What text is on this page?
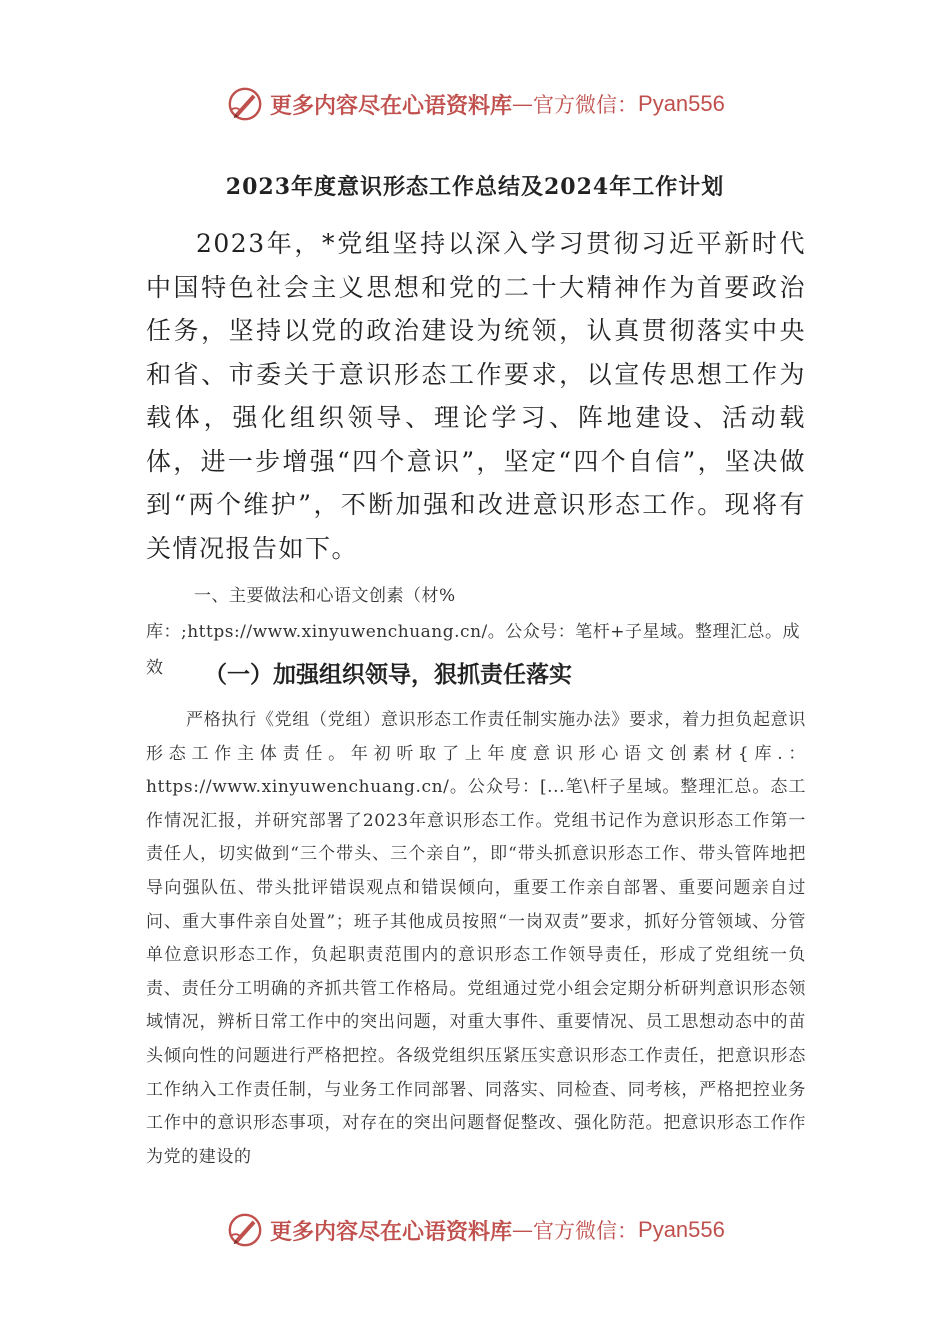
更多内容尽在心语资料库 — 官方微信： Pyan556
2023年度意识形态工作总结及2024年工作计划

2023年，*党组坚持以深入学习贯彻习近平新时代中国特色社会主义思想和党的二十大精神作为首要政治任务，坚持以党的政治建设为统领，认真贯彻落实中央和省、市委关于意识形态工作要求，以宣传思想工作为载体，强化组织领导、理论学习、阵地建设、活动载体，进一步增强“四个意识”，坚定“四个自信”，坚决做到“两个维护”，不断加强和改进意识形态工作。现将有关情况报告如下。

一、主要做法和心语文创素（材%库：;https://www.xinyuwenchuang.cn/。公众号：笔杆+子星域。整理汇总。成效	（一）加强组织领导，狠抓责任落实

严格执行《党组（党组）意识形态工作责任制实施办法》要求，着力担负起意识形态工作主体责任。年初听取了上年度意识形心语文创素材{库.：https://www.xinyuwenchuang.cn/。公众号：[...笔\杆子星域。整理汇总。态工作情况汇报，并研究部署了2023年意识形态工作。党组书记作为意识形态工作第一责任人，切实做到“三个带头、三个亲自”，即“带头抓意识形态工作、带头管阵地把导向强队伍、带头批评错误观点和错误倾向，重要工作亲自部署、重要问题亲自过问、重大事件亲自处置”；班子其他成员按照“一岗双责”要求，抓好分管领域、分管单位意识形态工作，负起职责范围内的意识形态工作领导责任，形成了党组统一负责、责任分工明确的齐抓共管工作格局。党组通过党小组会定期分析研判意识形态领域情况，辨析日常工作中的突出问题，对重大事件、重要情况、员工思想动态中的苗头倾向性的问题进行严格把控。各级党组织压紧压实意识形态工作责任，把意识形态工作纳入工作责任制，与业务工作同部署、同落实、同检查、同考核，严格把控业务工作中的意识形态事项，对存在的突出问题督促整改、强化防范。把意识形态工作作为党的建设的

更多内容尽在心语资料库 — 官方微信： Pyan556
